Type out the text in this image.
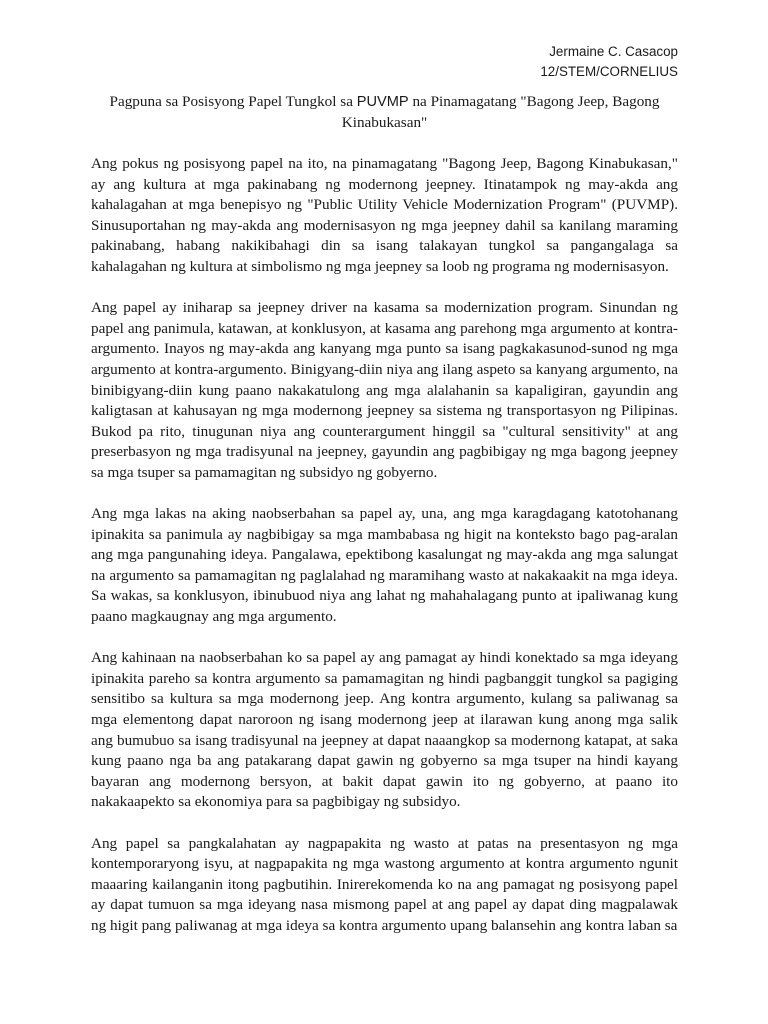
Jermaine C. Casacop
12/STEM/CORNELIUS
Pagpuna sa Posisyong Papel Tungkol sa PUVMP na Pinamagatang "Bagong Jeep, Bagong Kinabukasan"

Ang pokus ng posisyong papel na ito, na pinamagatang "Bagong Jeep, Bagong Kinabukasan," ay ang kultura at mga pakinabang ng modernong jeepney. Itinatampok ng may-akda ang kahalagahan at mga benepisyo ng "Public Utility Vehicle Modernization Program" (PUVMP). Sinusuportahan ng may-akda ang modernisasyon ng mga jeepney dahil sa kanilang maraming pakinabang, habang nakikibahagi din sa isang talakayan tungkol sa pangangalaga sa kahalagahan ng kultura at simbolismo ng mga jeepney sa loob ng programa ng modernisasyon.

Ang papel ay iniharap sa jeepney driver na kasama sa modernization program. Sinundan ng papel ang panimula, katawan, at konklusyon, at kasama ang parehong mga argumento at kontra-argumento. Inayos ng may-akda ang kanyang mga punto sa isang pagkakasunod-sunod ng mga argumento at kontra-argumento. Binigyang-diin niya ang ilang aspeto sa kanyang argumento, na binibigyang-diin kung paano nakakatulong ang mga alalahanin sa kapaligiran, gayundin ang kaligtasan at kahusayan ng mga modernong jeepney sa sistema ng transportasyon ng Pilipinas. Bukod pa rito, tinugunan niya ang counterargument hinggil sa "cultural sensitivity" at ang preserbasyon ng mga tradisyunal na jeepney, gayundin ang pagbibigay ng mga bagong jeepney sa mga tsuper sa pamamagitan ng subsidyo ng gobyerno.

Ang mga lakas na aking naobserbahan sa papel ay, una, ang mga karagdagang katotohanang ipinakita sa panimula ay nagbibigay sa mga mambabasa ng higit na konteksto bago pag-aralan ang mga pangunahing ideya. Pangalawa, epektibong kasalungat ng may-akda ang mga salungat na argumento sa pamamagitan ng paglalahad ng maramihang wasto at nakakaakit na mga ideya. Sa wakas, sa konklusyon, ibinubuod niya ang lahat ng mahahalagang punto at ipaliwanag kung paano magkaugnay ang mga argumento.

Ang kahinaan na naobserbahan ko sa papel ay ang pamagat ay hindi konektado sa mga ideyang ipinakita pareho sa kontra argumento sa pamamagitan ng hindi pagbanggit tungkol sa pagiging sensitibo sa kultura sa mga modernong jeep. Ang kontra argumento, kulang sa paliwanag sa mga elementong dapat naroroon ng isang modernong jeep at ilarawan kung anong mga salik ang bumubuo sa isang tradisyunal na jeepney at dapat naaangkop sa modernong katapat, at saka kung paano nga ba ang patakarang dapat gawin ng gobyerno sa mga tsuper na hindi kayang bayaran ang modernong bersyon, at bakit dapat gawin ito ng gobyerno, at paano ito nakakaapekto sa ekonomiya para sa pagbibigay ng subsidyo.

Ang papel sa pangkalahatan ay nagpapakita ng wasto at patas na presentasyon ng mga kontemporaryong isyu, at nagpapakita ng mga wastong argumento at kontra argumento ngunit maaaring kailanganin itong pagbutihin. Inirerekomenda ko na ang pamagat ng posisyong papel ay dapat tumuon sa mga ideyang nasa mismong papel at ang papel ay dapat ding magpalawak ng higit pang paliwanag at mga ideya sa kontra argumento upang balansehin ang kontra laban sa
